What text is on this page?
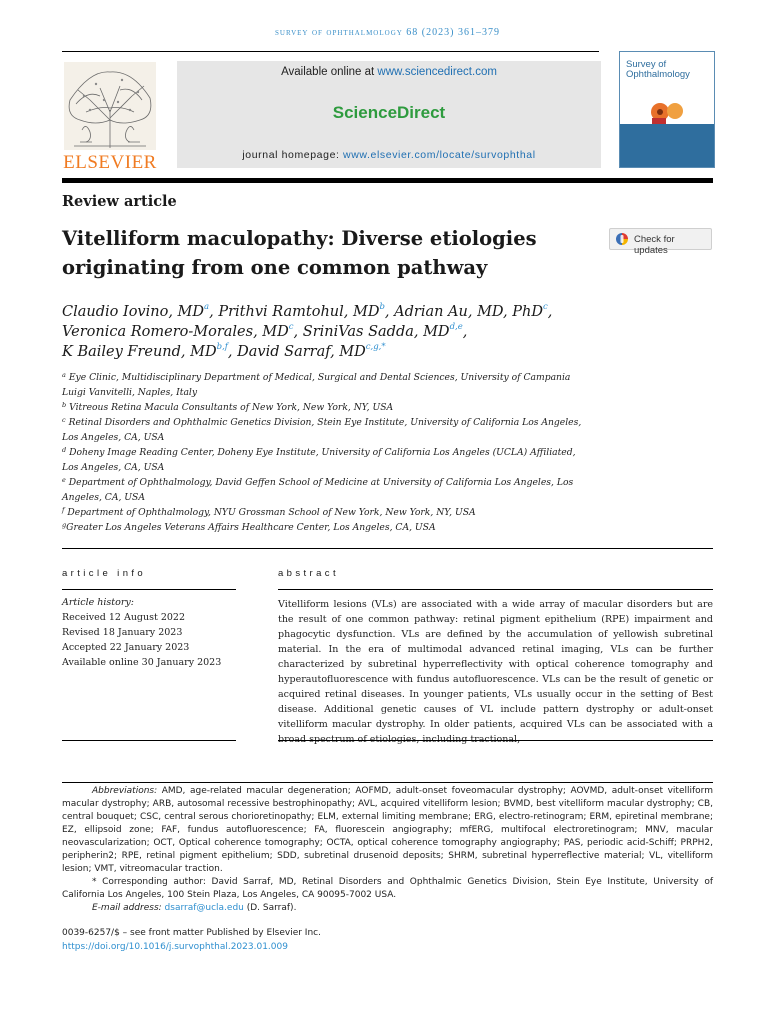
survey of ophthalmology 68 (2023) 361–379
ELSEVIER
Available online at www.sciencedirect.com
ScienceDirect
journal homepage: www.elsevier.com/locate/survophthal
Survey of
Ophthalmology
Review article
Vitelliform maculopathy: Diverse etiologies originating from one common pathway
Check for updates
Claudio Iovino, $MD^a$, Prithvi Ramtohul, $MD^b$, Adrian Au, MD, PhD$^c$,
Veronica Romero-Morales, $MD^c$, SriniVas Sadda, MD$^{d,e}$,
K Bailey Freund, MD$^{b,f}$, David Sarraf, $MD^{c,g,*}$
$^a$ Eye Clinic, Multidisciplinary Department of Medical, Surgical and Dental Sciences, University of Campania Luigi Vanvitelli, Naples, Italy
$^b$ Vitreous Retina Macula Consultants of New York, New York, NY, USA
$^c$ Retinal Disorders and Ophthalmic Genetics Division, Stein Eye Institute, University of California Los Angeles, Los Angeles, CA, USA
$^d$ Doheny Image Reading Center, Doheny Eye Institute, University of California Los Angeles (UCLA) Affiliated, Los Angeles, CA, USA
$^e$ Department of Ophthalmology, David Geffen School of Medicine at University of California Los Angeles, Los Angeles, CA, USA
$^f$ Department of Ophthalmology, NYU Grossman School of New York, New York, NY, USA
$^g$Greater Los Angeles Veterans Affairs Healthcare Center, Los Angeles, CA, USA
article info
Article history:
Received 12 August 2022
Revised 18 January 2023
Accepted 22 January 2023
Available online 30 January 2023
abstract
Vitelliform lesions (VLs) are associated with a wide array of macular disorders but are the result of one common pathway: retinal pigment epithelium (RPE) impairment and phagocytic dysfunction. VLs are defined by the accumulation of yellowish subretinal material. In the era of multimodal advanced retinal imaging, VLs can be further characterized by subretinal hyperreflectivity with optical coherence tomography and hyperautofluorescence with fundus autofluorescence. VLs can be the result of genetic or acquired retinal diseases. In younger patients, VLs usually occur in the setting of Best disease. Additional genetic causes of VL include pattern dystrophy or adult-onset vitelliform macular dystrophy. In older patients, acquired VLs can be associated with a

Abbreviations: AMD, age-related macular degeneration; AOFMD, adult-onset foveomacular dystrophy; AOVMD, adult-onset vitelliform macular dystrophy; ARB, autosomal recessive bestrophinopathy; AVL, acquired vitelliform lesion; BVMD, best vitelliform macular dystrophy; CB, central bouquet; CSC, central serous chorioretinopathy; ELM, external limiting membrane; ERG, electro-retinogram; ERM, epiretinal membrane; EZ, ellipsoid zone; FAF, fundus autofluorescence; FA, fluorescein angiography; mfERG, multifocal electroretinogram; MNV, macular neovascularization; OCT, Optical coherence tomography; OCTA, optical coherence tomography angiography; PAS, periodic acid-Schiff; PRPH2, peripherin2; RPE, retinal pigment epithelium; SDD, subretinal drusenoid deposits; SHRM, subretinal hyperreflective material; VL, vitelliform lesion; VMT, vitreomacular traction.

* Corresponding author: David Sarraf, MD, Retinal Disorders and Ophthalmic Genetics Division, Stein Eye Institute, University of California Los Angeles, 100 Stein Plaza, Los Angeles, CA 90095-7002 USA.

E-mail address: dsarraf@ucla.edu (D. Sarraf).

0039-6257/$ – see front matter Published by Elsevier Inc.
https://doi.org/10.1016/j.survophthal.2023.01.009
